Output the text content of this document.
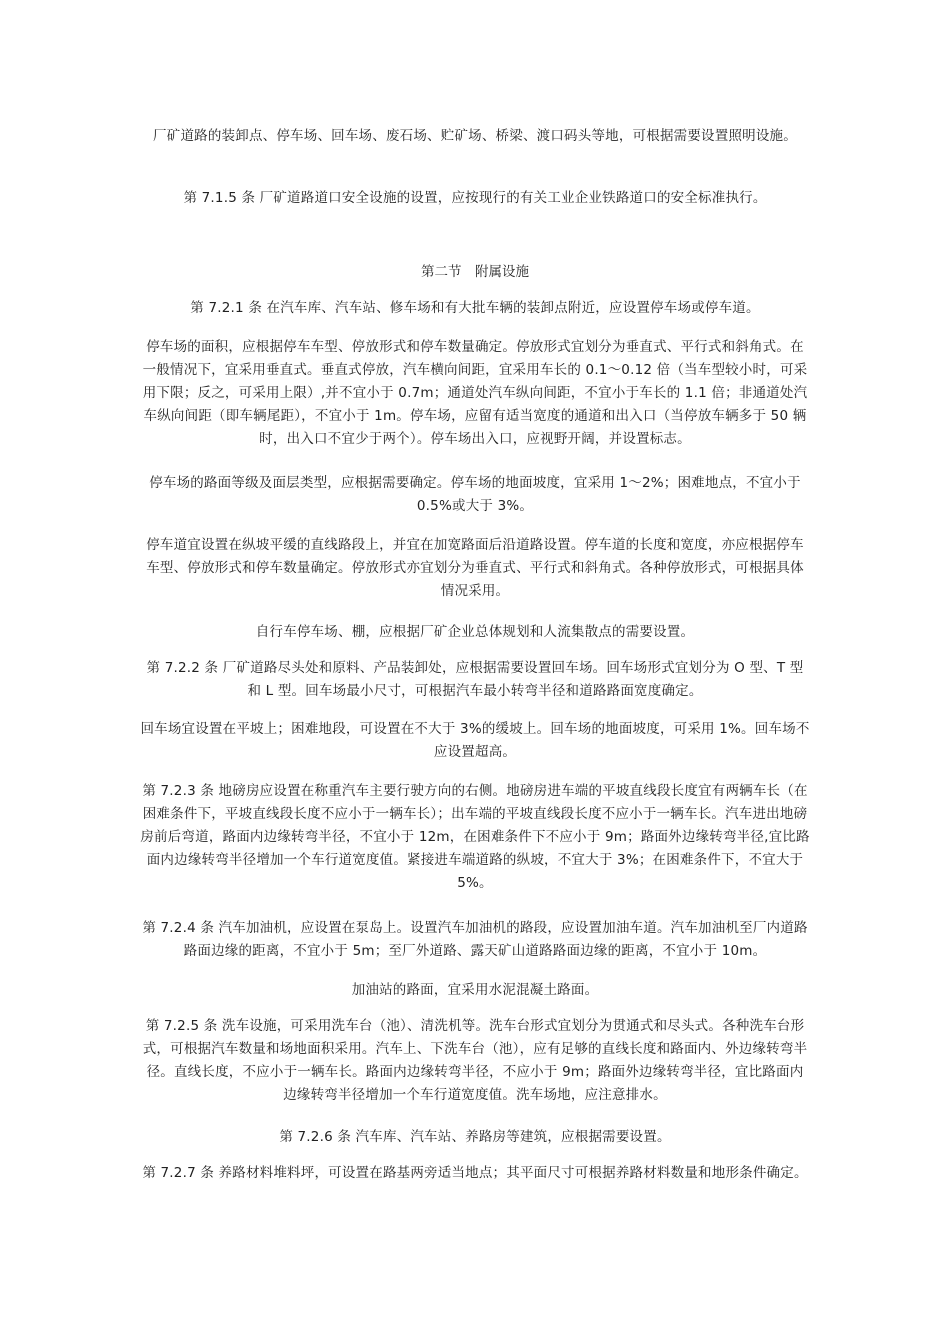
厂矿道路的装卸点、停车场、回车场、废石场、贮矿场、桥梁、渡口码头等地，可根据需要设置照明设施。

第 7.1.5 条 厂矿道路道口安全设施的设置，应按现行的有关工业企业铁路道口的安全标准执行。

第二节　附属设施

第 7.2.1 条 在汽车库、汽车站、修车场和有大批车辆的装卸点附近，应设置停车场或停车道。

停车场的面积，应根据停车车型、停放形式和停车数量确定。停放形式宜划分为垂直式、平行式和斜角式。在一般情况下，宜采用垂直式。垂直式停放，汽车横向间距，宜采用车长的 0.1～0.12 倍（当车型较小时，可采用下限；反之，可采用上限）,并不宜小于 0.7m；通道处汽车纵向间距，不宜小于车长的 1.1 倍；非通道处汽车纵向间距（即车辆尾距），不宜小于 1m。停车场，应留有适当宽度的通道和出入口（当停放车辆多于 50 辆时，出入口不宜少于两个）。停车场出入口，应视野开阔，并设置标志。

停车场的路面等级及面层类型，应根据需要确定。停车场的地面坡度，宜采用 1～2%；困难地点，不宜小于 0.5%或大于 3%。

停车道宜设置在纵坡平缓的直线路段上，并宜在加宽路面后沿道路设置。停车道的长度和宽度，亦应根据停车车型、停放形式和停车数量确定。停放形式亦宜划分为垂直式、平行式和斜角式。各种停放形式，可根据具体情况采用。

自行车停车场、棚，应根据厂矿企业总体规划和人流集散点的需要设置。

第 7.2.2 条 厂矿道路尽头处和原料、产品装卸处，应根据需要设置回车场。回车场形式宜划分为 O 型、T 型和 L 型。回车场最小尺寸，可根据汽车最小转弯半径和道路路面宽度确定。

回车场宜设置在平坡上；困难地段，可设置在不大于 3%的缓坡上。回车场的地面坡度，可采用 1%。回车场不应设置超高。

第 7.2.3 条 地磅房应设置在称重汽车主要行驶方向的右侧。地磅房进车端的平坡直线段长度宜有两辆车长（在困难条件下，平坡直线段长度不应小于一辆车长）；出车端的平坡直线段长度不应小于一辆车长。汽车进出地磅房前后弯道，路面内边缘转弯半径，不宜小于 12m，在困难条件下不应小于 9m；路面外边缘转弯半径,宜比路面内边缘转弯半径增加一个车行道宽度值。紧接进车端道路的纵坡，不宜大于 3%；在困难条件下，不宜大于 5%。

第 7.2.4 条 汽车加油机，应设置在泵岛上。设置汽车加油机的路段，应设置加油车道。汽车加油机至厂内道路路面边缘的距离，不宜小于 5m；至厂外道路、露天矿山道路路面边缘的距离，不宜小于 10m。

加油站的路面，宜采用水泥混凝土路面。

第 7.2.5 条 洗车设施，可采用洗车台（池）、清洗机等。洗车台形式宜划分为贯通式和尽头式。各种洗车台形式，可根据汽车数量和场地面积采用。汽车上、下洗车台（池），应有足够的直线长度和路面内、外边缘转弯半径。直线长度，不应小于一辆车长。路面内边缘转弯半径，不应小于 9m；路面外边缘转弯半径，宜比路面内边缘转弯半径增加一个车行道宽度值。洗车场地，应注意排水。

第 7.2.6 条 汽车库、汽车站、养路房等建筑，应根据需要设置。

第 7.2.7 条 养路材料堆料坪，可设置在路基两旁适当地点；其平面尺寸可根据养路材料数量和地形条件确定。
